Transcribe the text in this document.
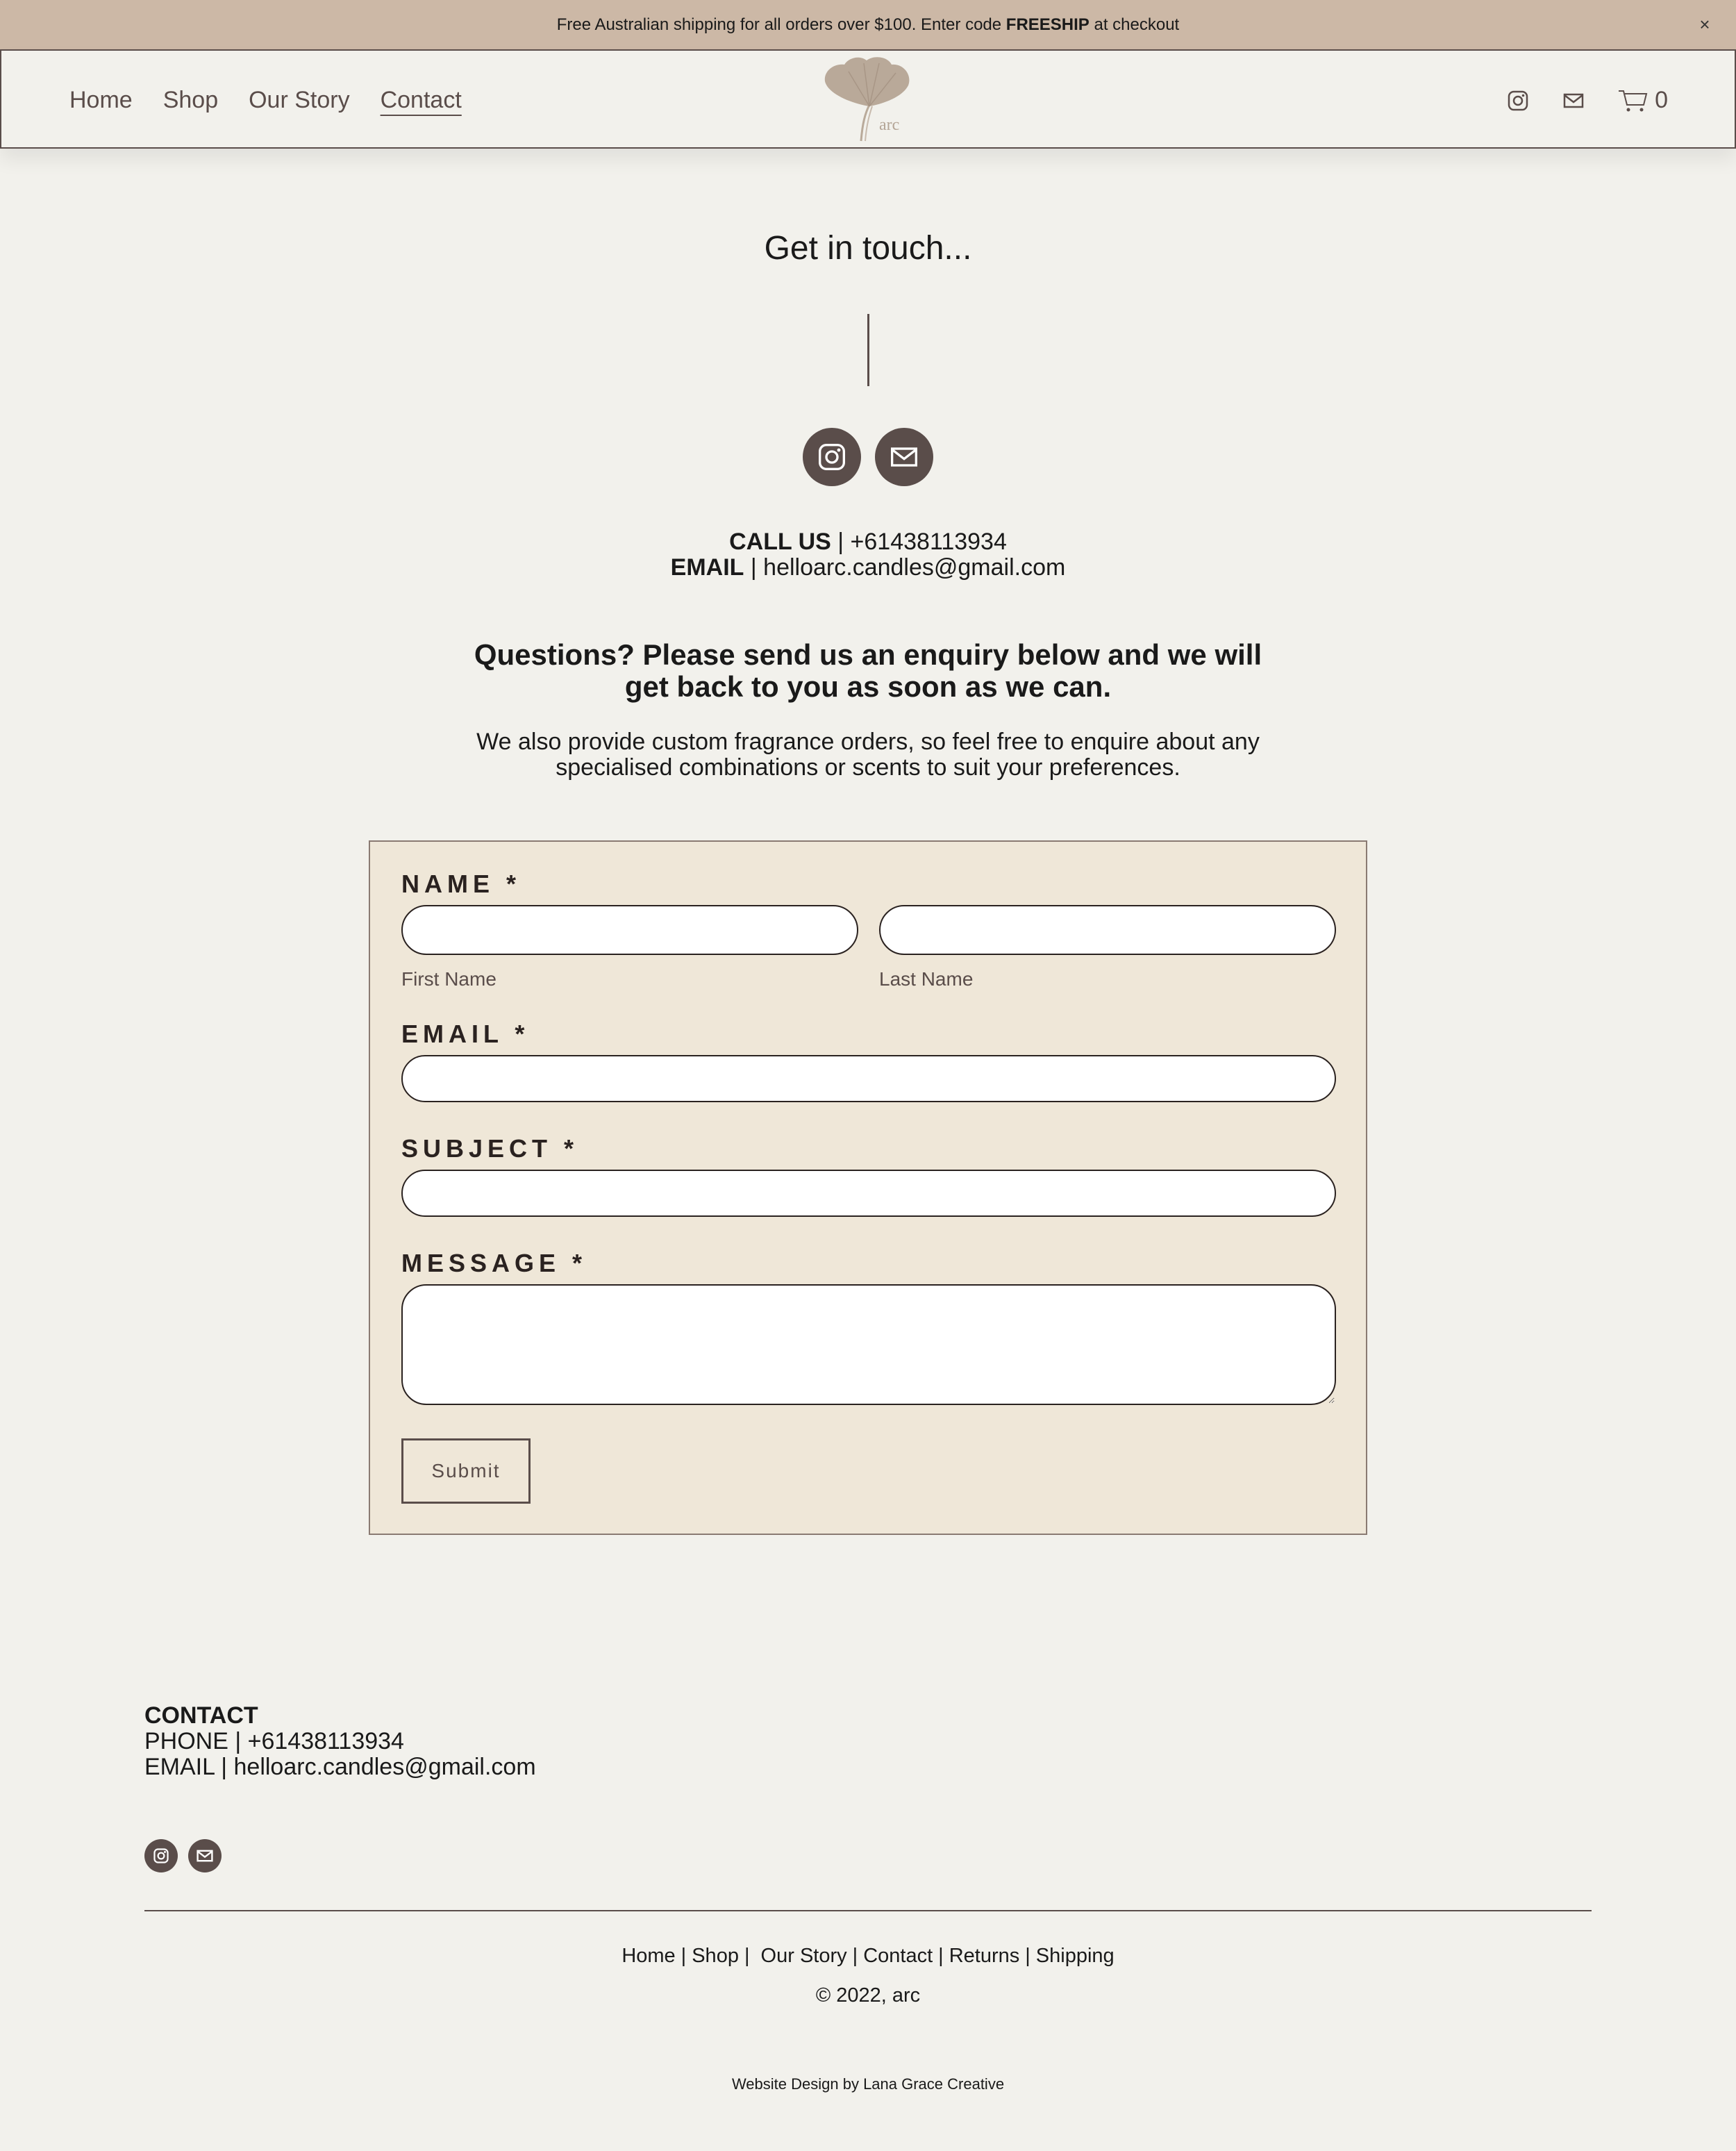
Free Australian shipping for all orders over $100. Enter code FREESHIP at checkout	×
Home Shop Our Story Contact
arc
0
Get in touch...
CALL US | +61438113934
EMAIL | helloarc.candles@gmail.com
Questions? Please send us an enquiry below and we will get back to you as soon as we can.
We also provide custom fragrance orders, so feel free to enquire about any specialised combinations or scents to suit your preferences.
NAME *
First Name	Last Name
EMAIL *
SUBJECT *
MESSAGE *
Submit
CONTACT
PHONE | +61438113934
EMAIL | helloarc.candles@gmail.com
Home | Shop | Our Story | Contact | Returns | Shipping
© 2022, arc
Website Design by Lana Grace Creative
